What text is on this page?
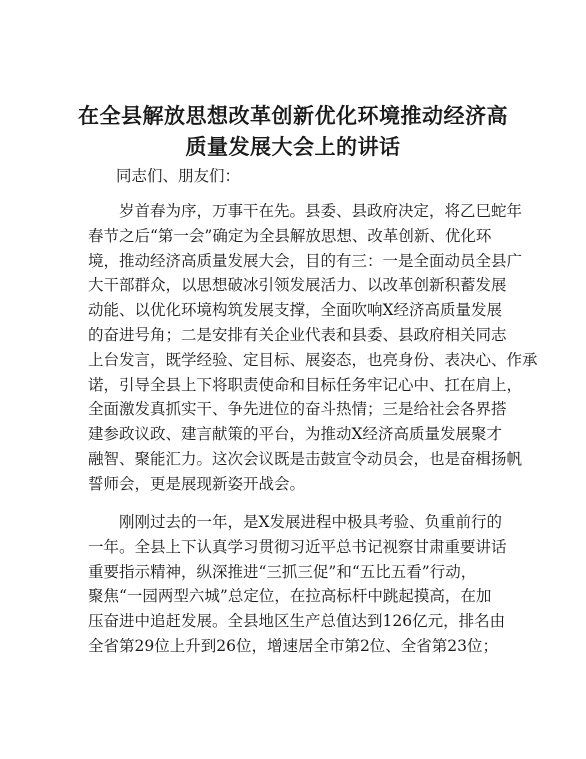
在全县解放思想改革创新优化环境推动经济高
质量发展大会上的讲话
同志们、朋友们：
岁首春为序，万事干在先。县委、县政府决定，将乙巳蛇年
春节之后“第一会”确定为全县解放思想、改革创新、优化环
境，推动经济高质量发展大会，目的有三：一是全面动员全县广
大干部群众，以思想破冰引领发展活力、以改革创新积蓄发展
动能、以优化环境构筑发展支撑，全面吹响X经济高质量发展
的奋进号角；二是安排有关企业代表和县委、县政府相关同志
上台发言，既学经验、定目标、展姿态，也亮身份、表决心、作承
诺，引导全县上下将职责使命和目标任务牢记心中、扛在肩上，
全面激发真抓实干、争先进位的奋斗热情；三是给社会各界搭
建参政议政、建言献策的平台，为推动X经济高质量发展聚才
融智、聚能汇力。这次会议既是击鼓宣令动员会，也是奋楫扬帆
誓师会，更是展现新姿开战会。
刚刚过去的一年，是X发展进程中极具考验、负重前行的
一年。全县上下认真学习贯彻习近平总书记视察甘肃重要讲话
重要指示精神，纵深推进“三抓三促”和“五比五看”行动，
聚焦“一园两型六城”总定位，在拉高标杆中跳起摸高，在加
压奋进中追赶发展。全县地区生产总值达到126亿元，排名由
全省第29位上升到26位，增速居全市第2位、全省第23位；
